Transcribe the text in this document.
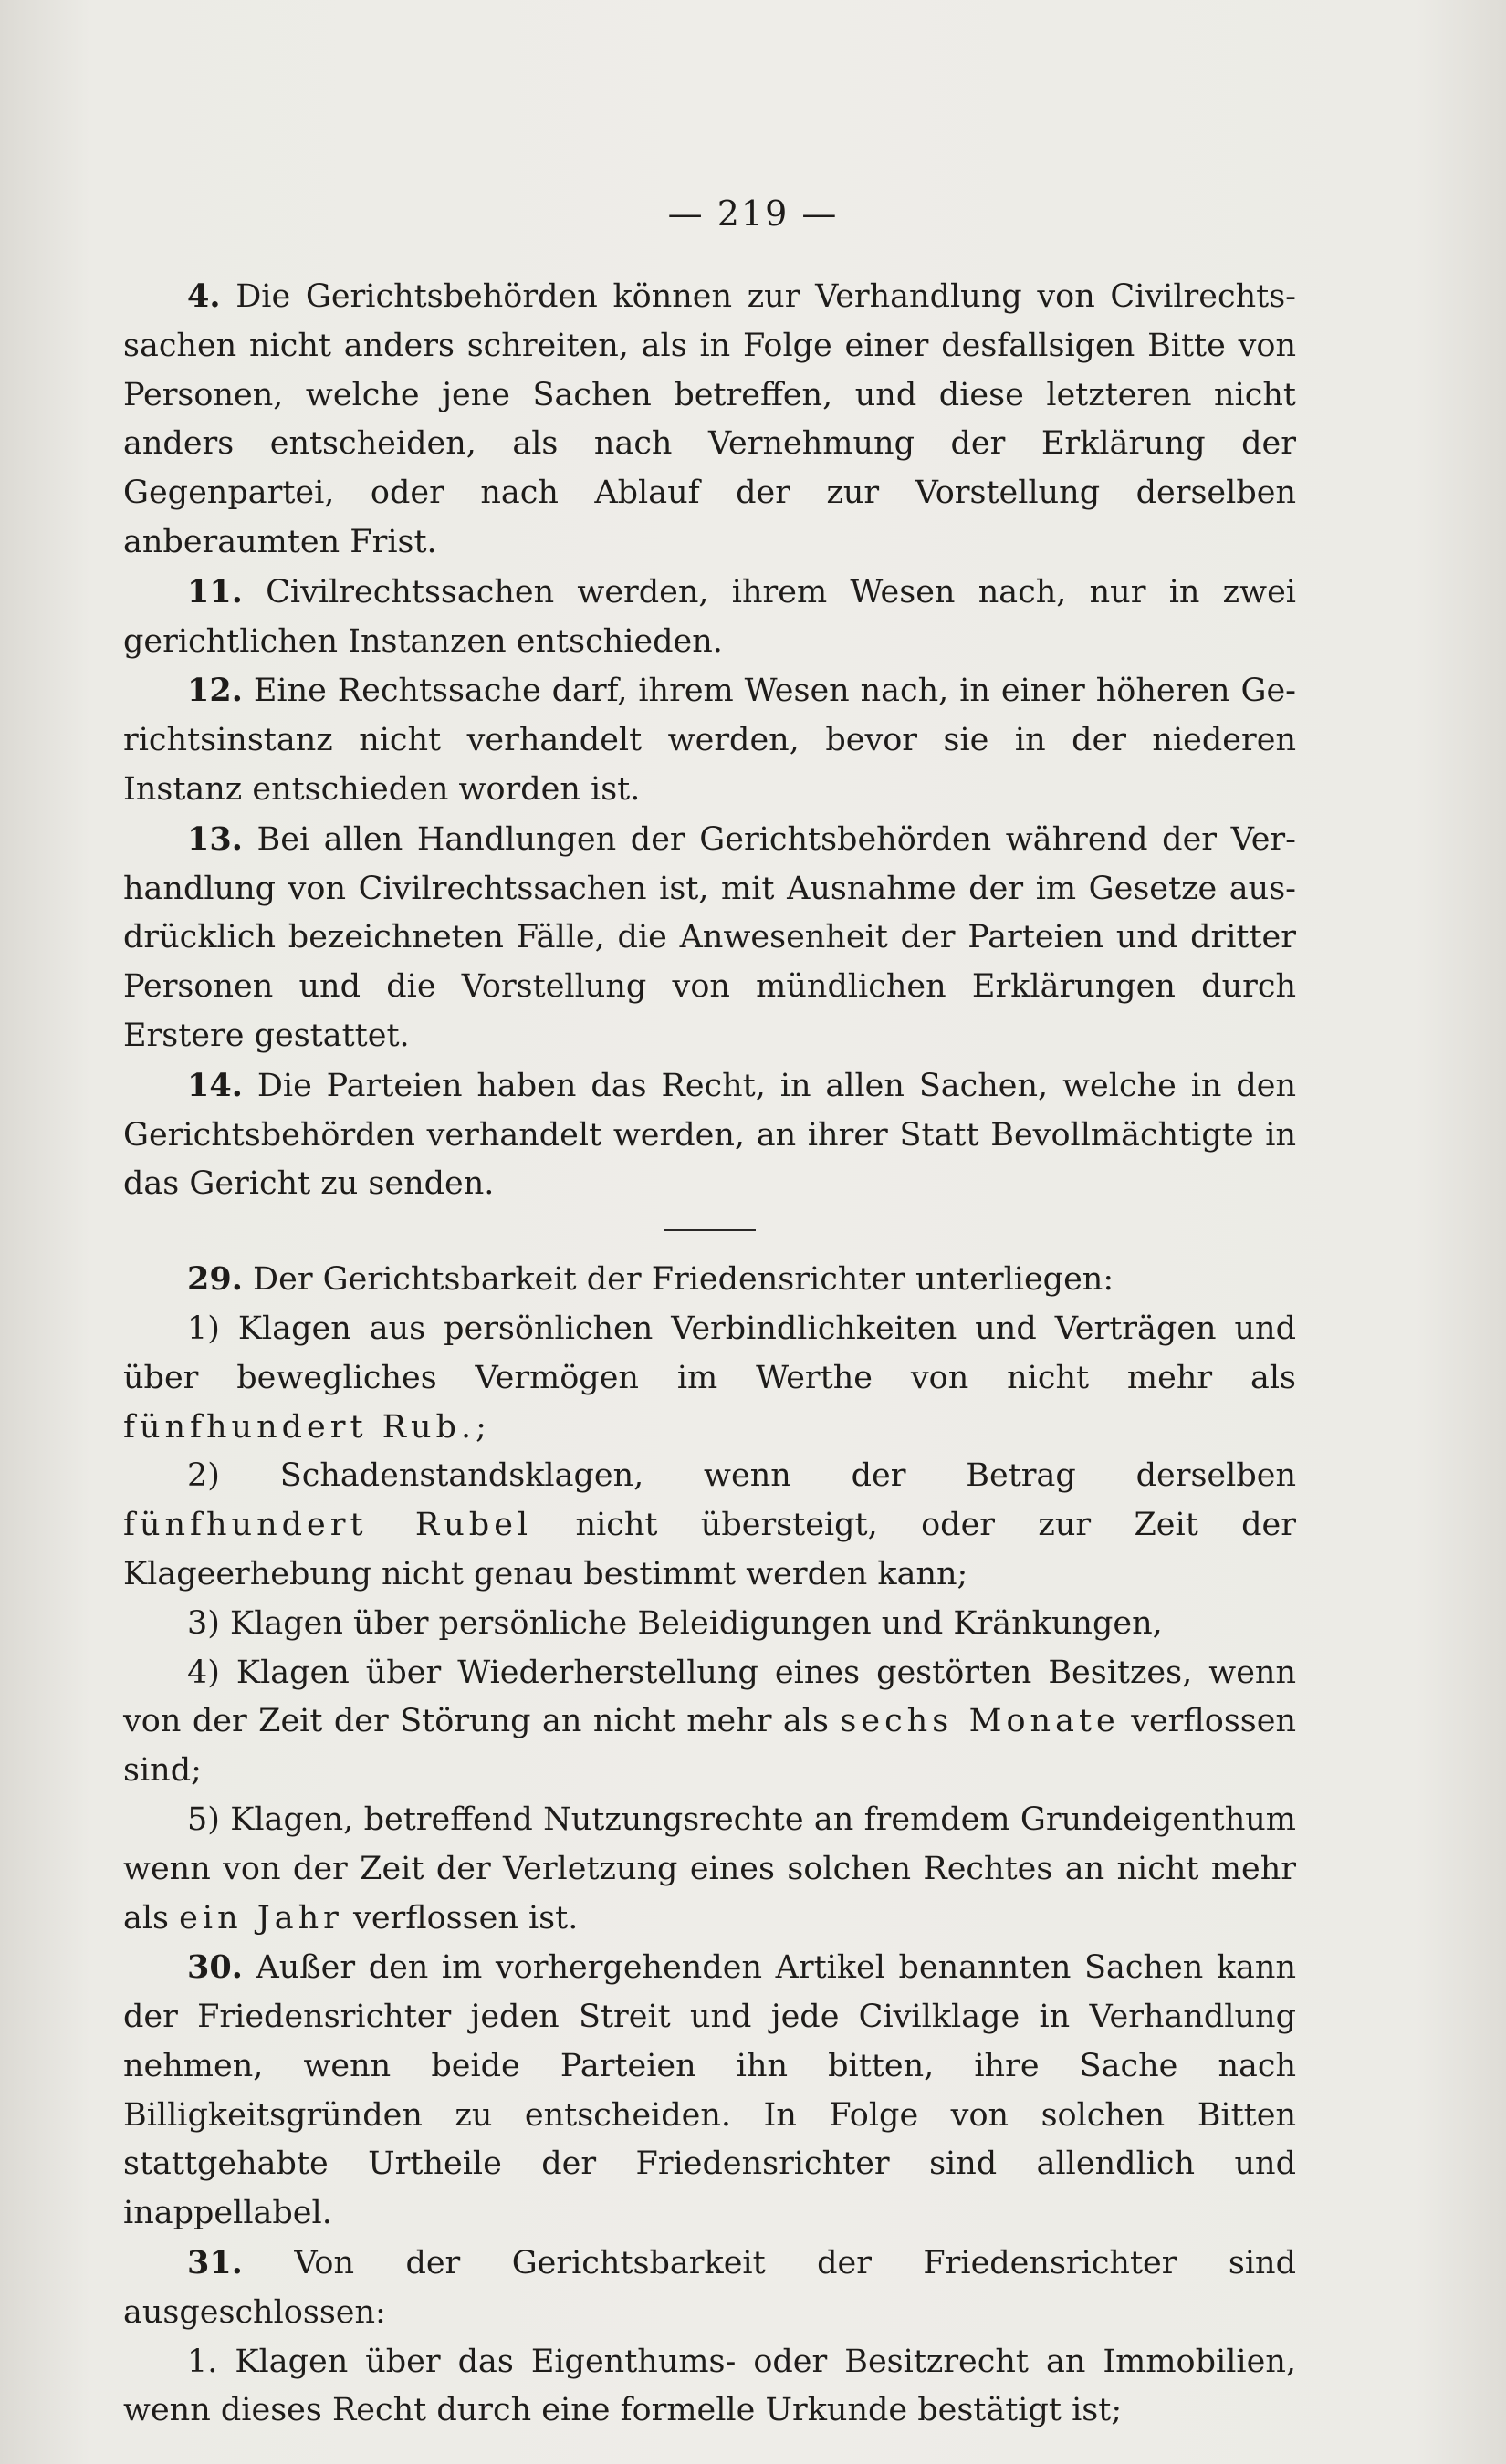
— 219 —

4. Die Gerichtsbehörden können zur Verhandlung von Civilrechtssachen nicht anders schreiten, als in Folge einer desfallsigen Bitte von Personen, welche jene Sachen betreffen, und diese letzteren nicht anders entscheiden, als nach Vernehmung der Erklärung der Gegenpartei, oder nach Ablauf der zur Vorstellung derselben anberaumten Frist.

11. Civilrechtssachen werden, ihrem Wesen nach, nur in zwei gerichtlichen Instanzen entschieden.

12. Eine Rechtssache darf, ihrem Wesen nach, in einer höheren Gerichtsinstanz nicht verhandelt werden, bevor sie in der niederen Instanz entschieden worden ist.

13. Bei allen Handlungen der Gerichtsbehörden während der Verhandlung von Civilrechtssachen ist, mit Ausnahme der im Gesetze ausdrücklich bezeichneten Fälle, die Anwesenheit der Parteien und dritter Personen und die Vorstellung von mündlichen Erklärungen durch Erstere gestattet.

14. Die Parteien haben das Recht, in allen Sachen, welche in den Gerichtsbehörden verhandelt werden, an ihrer Statt Bevollmächtigte in das Gericht zu senden.

29. Der Gerichtsbarkeit der Friedensrichter unterliegen:

1) Klagen aus persönlichen Verbindlichkeiten und Verträgen und über bewegliches Vermögen im Werthe von nicht mehr als fünfhundert Rub.;

2) Schadenstandsklagen, wenn der Betrag derselben fünfhundert Rubel nicht übersteigt, oder zur Zeit der Klageerhebung nicht genau bestimmt werden kann;

3) Klagen über persönliche Beleidigungen und Kränkungen,

4) Klagen über Wiederherstellung eines gestörten Besitzes, wenn von der Zeit der Störung an nicht mehr als sechs Monate verflossen sind;

5) Klagen, betreffend Nutzungsrechte an fremdem Grundeigenthum wenn von der Zeit der Verletzung eines solchen Rechtes an nicht mehr als ein Jahr verflossen ist.

30. Außer den im vorhergehenden Artikel benannten Sachen kann der Friedensrichter jeden Streit und jede Civilklage in Verhandlung nehmen, wenn beide Parteien ihn bitten, ihre Sache nach Billigkeitsgründen zu entscheiden. In Folge von solchen Bitten stattgehabte Urtheile der Friedensrichter sind allendlich und inappellabel.

31. Von der Gerichtsbarkeit der Friedensrichter sind ausgeschlossen:

1. Klagen über das Eigenthums- oder Besitzrecht an Immobilien, wenn dieses Recht durch eine formelle Urkunde bestätigt ist;
